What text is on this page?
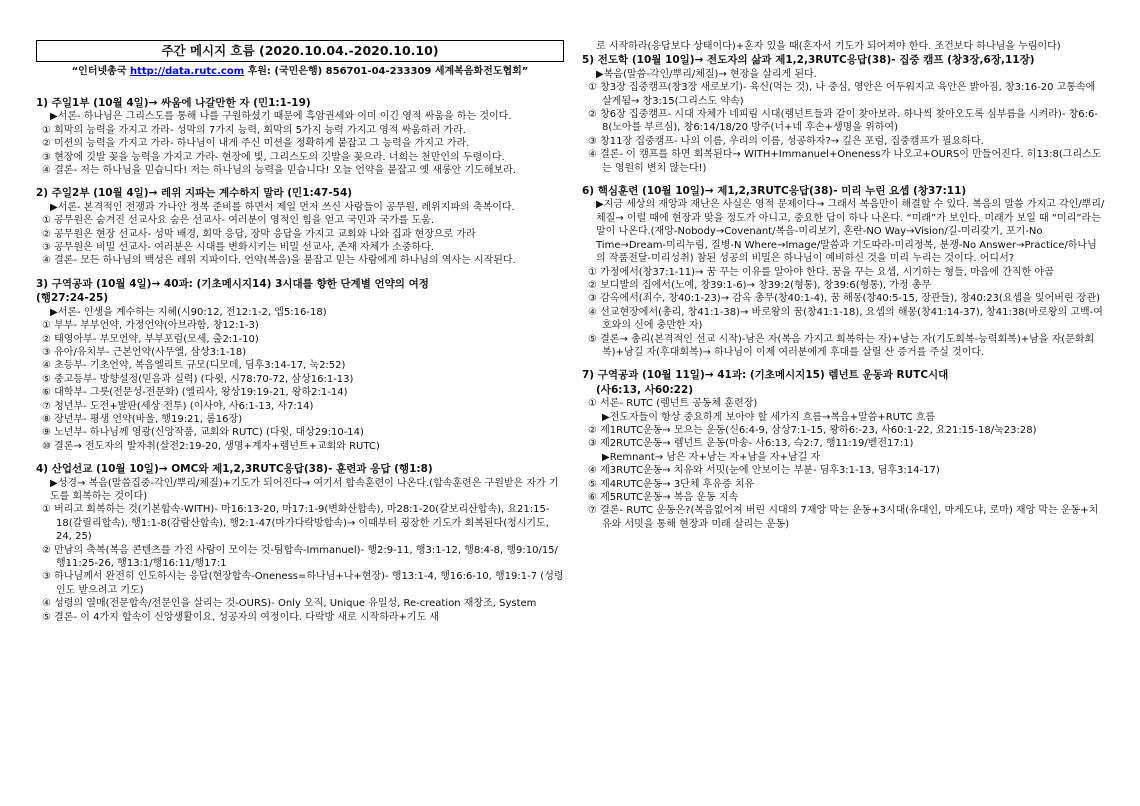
주간 메시지 흐름 (2020.10.04.-2020.10.10)
“인터넷총국 http://data.rutc.com 후원: (국민은행) 856701-04-233309 세계복음화전도협회”
1) 주일1부 (10월 4일)→ 싸움에 나갈만한 자 (민1:1-19)
▶서론- 하나님은 그리스도를 통해 나를 구원하셨기 때문에 흑암권세와 이미 이긴 영적 싸움을 하는 것이다.
① 회막의 능력을 가지고 가라- 성막의 7가지 능력, 회막의 5가지 능력 가지고 영적 싸움하러 가라.
② 미션의 능력을 가지고 가라- 하나님이 내게 주신 미션을 정확하게 붙잡고 그 능력을 가지고 가라.
③ 현장에 깃발 꽂을 능력을 가지고 가라- 현장에 빛, 그리스도의 깃발을 꽂으라. 너희는 천만인의 두령이다.
④ 결론- 저는 하나님을 믿습니다! 저는 하나님의 능력을 믿습니다! 오늘 언약을 붙잡고 옛 새롱안 기도해보라.
2) 주일2부 (10월 4일)→ 레위 지파는 계수하지 말라 (민1:47-54)
▶서론- 본격적인 전쟁과 가나안 정복 준비를 하면서 제일 먼저 쓰신 사람들이 공무원, 레위지파의 축복이다.
① 공무원은 숨겨진 선교사요 숨은 선교사- 여러분이 영적인 힘을 얻고 국민과 국가를 도움.
② 공무원은 현장 선교사- 성막 배경, 회막 응답, 장막 응답을 가지고 교회와 나와 집과 현장으로 가라
③ 공무원은 비밀 선교사- 여러분은 시대를 변화시키는 비밀 선교사, 존재 자체가 소중하다.
④ 결론- 모든 하나님의 백성은 레위 지파이다. 언약(복음)을 붙잡고 믿는 사람에게 하나님의 역사는 시작된다.
3) 구역공과 (10월 4일)→ 40과: (기초메시지14) 3시대를 향한 단계별 언약의 여정
(행27:24-25)
▶서론- 인생을 계수하는 지혜(시90:12, 전12:1-2, 엡5:16-18)
① 부부- 부부언약, 가정언약(아브라함, 창12:1-3)
② 태영아부- 부모언약, 부부포럼(모세, 출2:1-10)
③ 유아/유치부- 근본언약(사무엘, 삼상3:1-18)
④ 초등부- 기초언약, 복음엘리트 규모(디모데, 딤후3:14-17, 눅2:52)
⑤ 중고등부- 방향설정(믿음과 실력) (다윗, 시78:70-72, 삼상16:1-13)
⑥ 대학부- 그릇(전문성-전문화) (엘리사, 왕상19:19-21, 왕하2:1-14)
⑦ 청년부- 도전+발판(세상 전투) (이사야, 사6:1-13, 사7:14)
⑧ 장년부- 평생 언약(바울, 행19:21, 롬16장)
⑨ 노년부- 하나님께 영광(신앙작품, 교회와 RUTC) (다윗, 대상29:10-14)
⑩ 결론→ 전도자의 발자취(살전2:19-20, 생명+계자+렘넌트+교회와 RUTC)
4) 산업선교 (10월 10일)→ OMC와 제1,2,3RUTC응답(38)- 훈련과 응답 (행1:8)
▶성경→ 복음(말씀집중-각인/뿌리/체질)+기도가 되어진다→ 여기서 합속훈련이 나온다.(합속훈련은 구원받은 자가 기도를 회복하는 것이다)
① 버리고 회복하는 것(기본합속-WITH)- 마16:13-20, 마17:1-9(변화산합속), 마28:1-20(갈보리산합속), 요21:15-18(갈릴리합속), 행1:1-8(감람산합속), 행2:1-47(마가다락방합속)→ 이때부터 굉장한 기도가 회복된다(청시기도, 24, 25)
② 만남의 축복(복음 콘텐츠를 가진 사람이 모이는 것-팀합속-Immanuel)- 행2:9-11, 행3:1-12, 행8:4-8, 행9:10/15/행11:25-26, 행13:1/행16:11/행17:1
③ 하나님께서 완전히 인도하시는 응답(현장합속-Oneness=하나님+나+현장)- 행13:1-4, 행16:6-10, 행19:1-7 (성령인도 받으려고 기도)
④ 성령의 열매(전문합속/전문인을 살리는 것-OURS)- Only 오직, Unique 유일성, Re-creation 재창조, System
⑤ 결론- 이 4가지 합속이 신앙생활이요, 성공자의 여정이다. 다락방 새로 시작하라+기도 새
로 시작하라(응답보다 상태이다)+혼자 있을 때(혼자서 기도가 되어져야 한다. 조건보다 하나님을 누림이다)
5) 전도학 (10월 10일)→ 전도자의 삶과 제1,2,3RUTC응답(38)- 집중 캠프 (창3장,6장,11장)
▶복음(말씀-각인/뿌리/체질)→ 현장을 살리게 된다.
① 창3장 집중캠프(창3장 새로보기)- 육신(먹는 것), 나 중심, 영안은 어두워지고 육안은 밝아짐, 창3:16-20 고통속에 살게됨→ 창3:15(그리스도 약속)
② 창6장 집중캠프- 시대 자체가 네피림 시대(렘넌트들과 같이 찾아보라. 하나씩 찾아오도록 심부름을 시켜라)- 창6:6-8(노아를 부르심), 창6:14/18/20 방주(너+네 후손+생명을 위하여)
③ 창11장 집중캠프- 나의 이름, 우리의 이름, 성공하자?→ 깊은 포럼, 집중캠프가 필요하다.
④ 결론- 이 캠프를 하면 회복된다→ WITH+Immanuel+Oneness가 나오고+OURS이 만들어진다. 히13:8(그리스도는 영원히 변치 않는다!)
6) 핵심훈련 (10월 10일)→ 제1,2,3RUTC응답(38)- 미리 누린 요셉 (창37:11)
▶지금 세상의 재앙과 재난은 사실은 영적 문제이다→ 그래서 복음만이 해결할 수 있다. 복음의 말씀 가지고 각인/뿌리/체질→ 이럴 때에 현장과 맞을 정도가 아니고, 중요한 답이 하나 나온다. “미래”가 보인다. 미래가 보일 때 “미리”라는 말이 나온다.(재앙-Nobody→Covenant/복음-미리보기, 혼란-NO Way→Vision/길-미리갖기, 포기-No Time→Dream-미리누림, 질병-N Where→Image/말씀과 기도따라-미리정복, 분쟁-No Answer→Practice/하나님의 작품전달-미리성취) 참된 성공의 비밀은 하나님이 예비하신 것을 미리 누리는 것이다. 어디서?
① 가정에서(창37:1-11)→ 꿈 꾸는 이유를 알아야 한다. 꿈을 꾸는 요셉, 시기하는 형들, 마음에 간직한 야곱
② 보디발의 집에서(노예, 창39:1-6)→ 창39:2(형통), 창39:6(형통), 가정 총무
③ 감옥에서(죄수, 창40:1-23)→ 감옥 총무(창40:1-4), 꿈 해몽(창40:5-15, 장관들), 창40:23(요셉을 잊어버린 장관)
④ 선교현장에서(총리, 창41:1-38)→ 바로왕의 꿈(창41:1-18), 요셉의 해몽(창41:14-37), 창41:38(바로왕의 고백-여호와의 신에 충만한 자)
⑤ 결론→ 총리(본격적인 선교 시작)-남은 자(복음 가지고 회복하는 자)+남는 자(기도회복-능력회복)+남을 자(문화회복)+남길 자(후대회복)→ 하나님이 이제 여러분에게 후대를 살릴 산 증거를 주실 것이다.
7) 구역공과 (10월 11일)→ 41과: (기초메시지15) 렘넌트 운동과 RUTC시대
(사6:13, 사60:22)
① 서론- RUTC (렘넌트 공동체 훈련장)
▶전도자들이 항상 중요하게 보아야 할 세가지 흐름→복음+말씀+RUTC 흐름
② 제1RUTC운동→ 모으는 운동(신6:4-9, 삼상7:1-15, 왕하6:-23, 사60:1-22, 요21:15-18/눅23:28)
③ 제2RUTC운동→ 렘넌트 운동(마송- 사6:13, 슥2:7, 행11:19/벧전17:1)
▶Remnant→ 남은 자+남는 자+남을 자+남길 자
④ 제3RUTC운동→ 치유와 서밋(눈에 안보이는 부분- 딤후3:1-13, 딤후3:14-17)
⑤ 제4RUTC운동→ 3단체 후유증 치유
⑥ 제5RUTC운동→ 복음 운동 지속
⑦ 결론- RUTC 운동은?(복음없어져 버린 시대의 7재앙 막는 운동+3시대(유대인, 마게도냐, 로마) 재앙 막는 운동+치유와 서밋을 통해 현장과 미래 살리는 운동)
